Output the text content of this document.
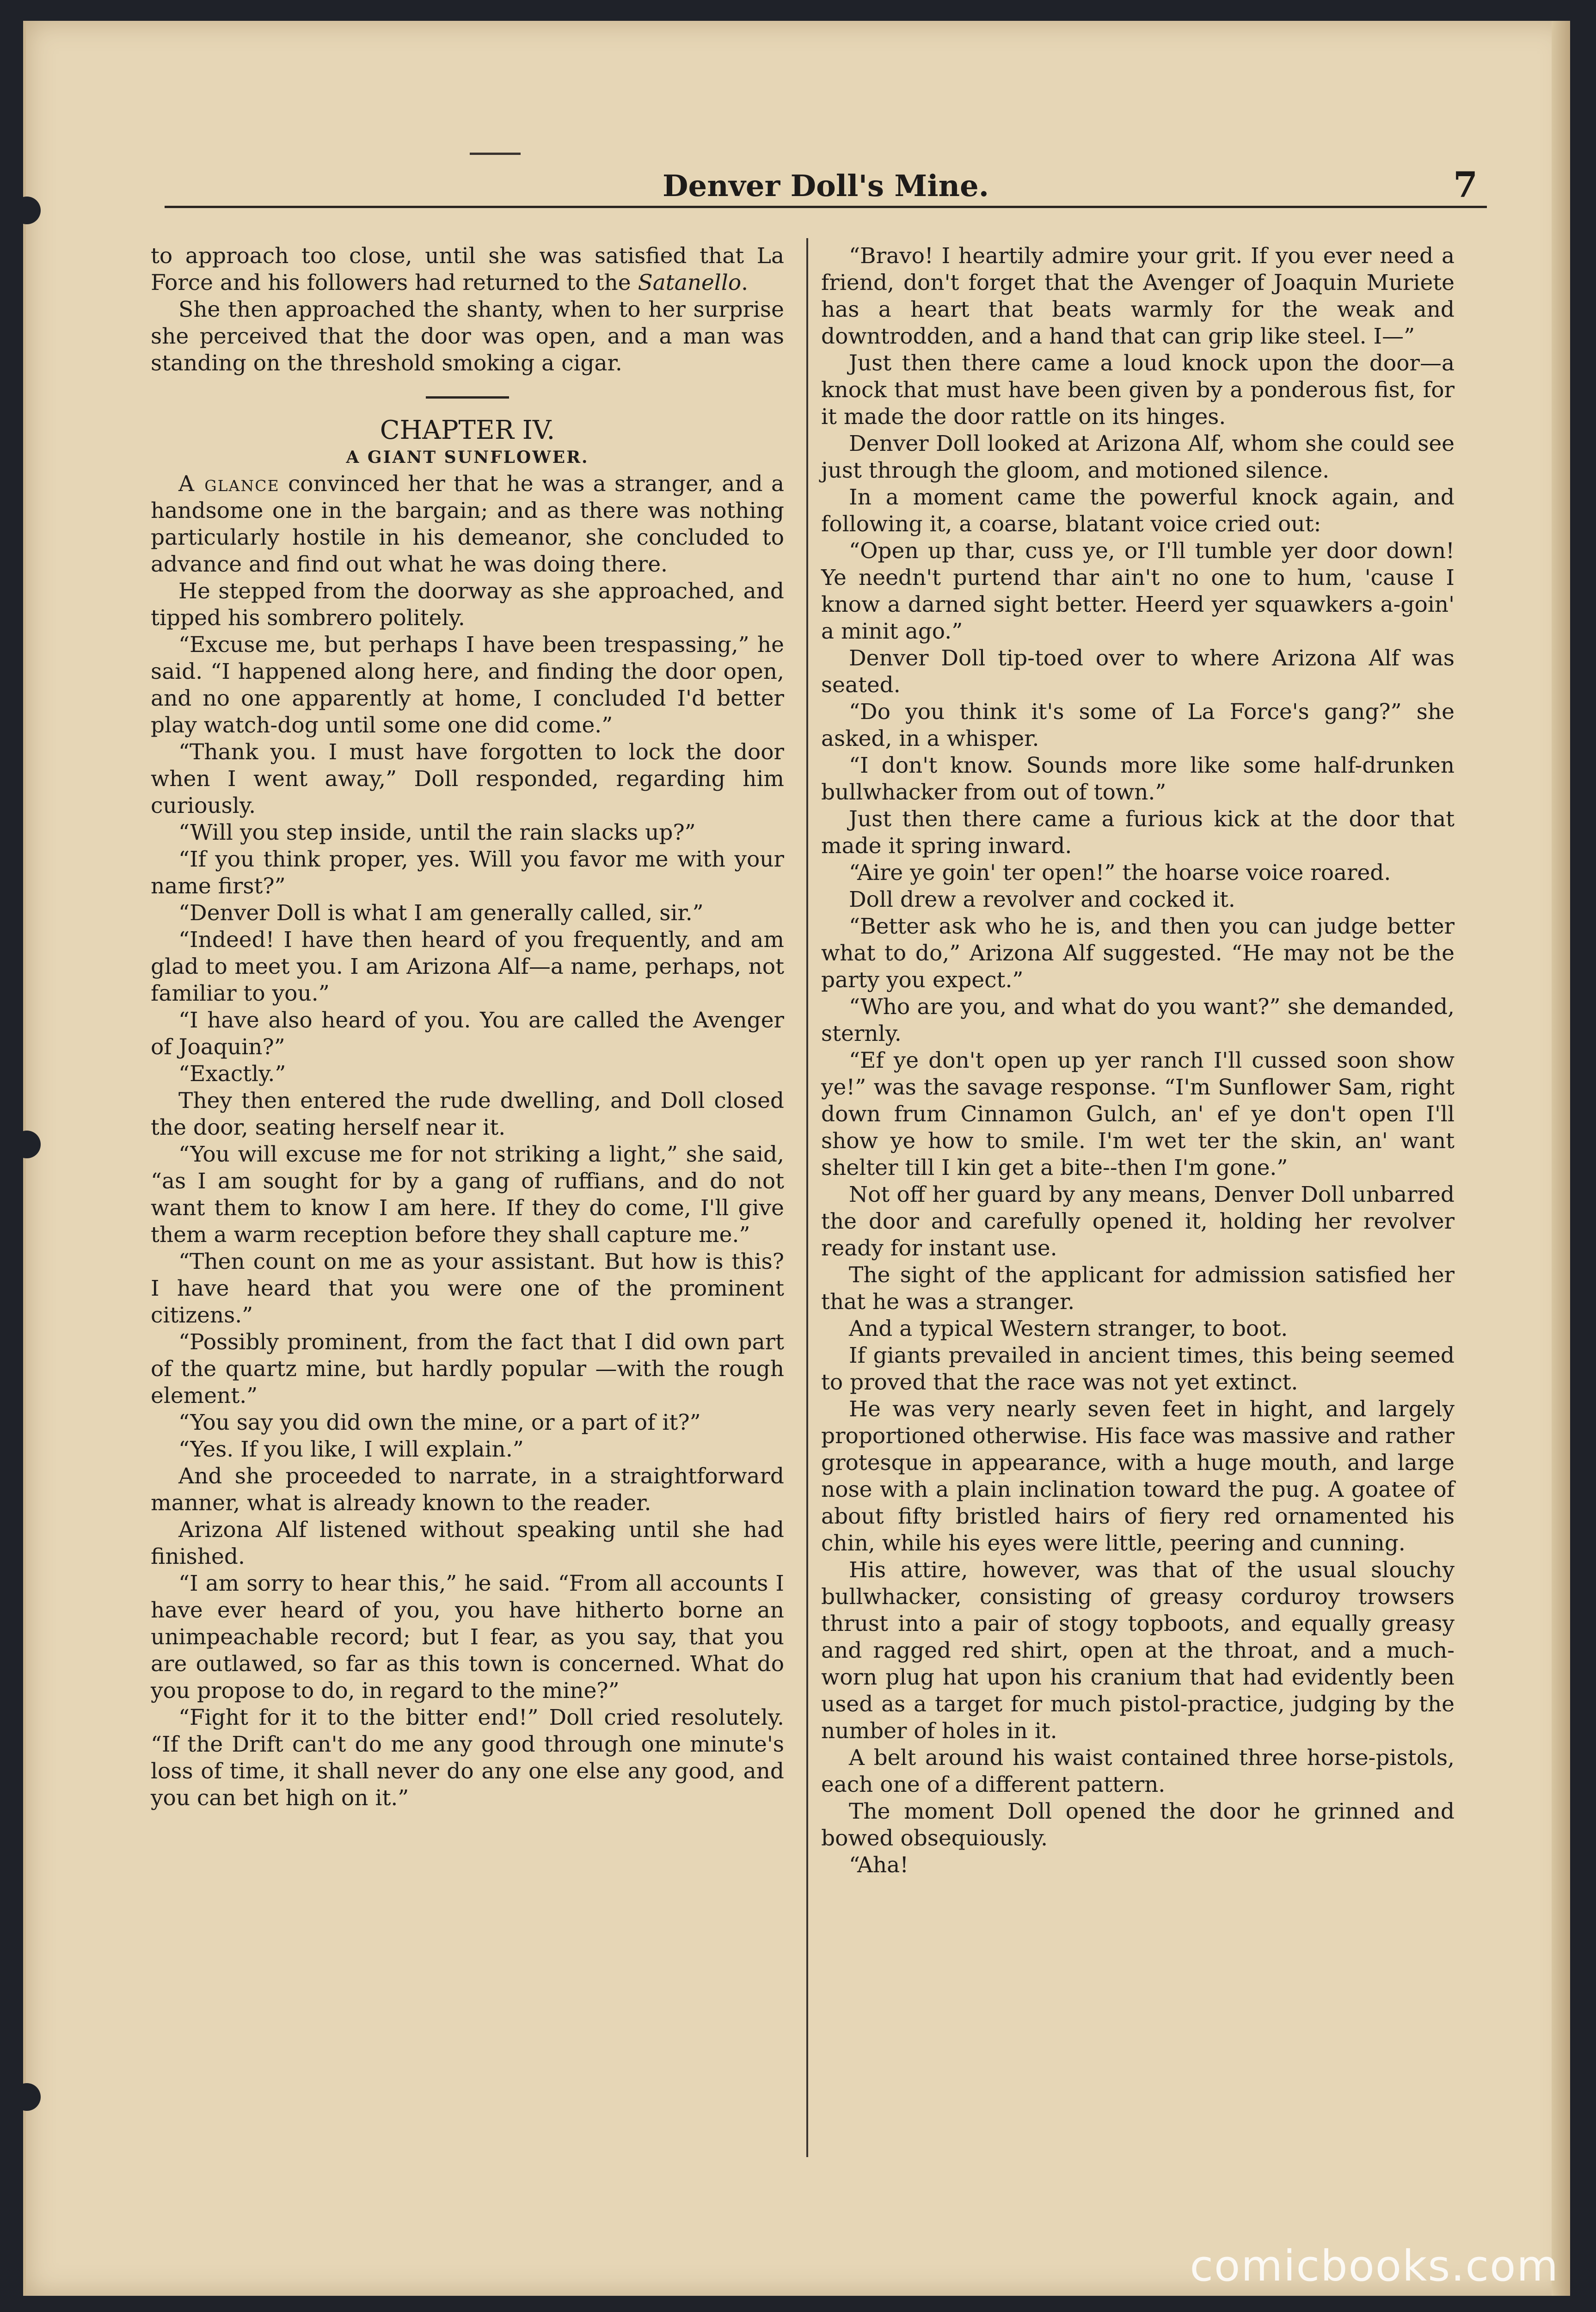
Denver Doll's Mine.	7

to approach too close, until she was satisfied that La Force and his followers had returned to the Satanello.

She then approached the shanty, when to her surprise she perceived that the door was open, and a man was standing on the threshold smoking a cigar.

CHAPTER IV.

A GIANT SUNFLOWER.

A glance convinced her that he was a stranger, and a handsome one in the bargain; and as there was nothing particularly hostile in his demeanor, she concluded to advance and find out what he was doing there.

He stepped from the doorway as she approached, and tipped his sombrero politely.

“Excuse me, but perhaps I have been trespassing,” he said. “I happened along here, and finding the door open, and no one apparently at home, I concluded I'd better play watch-dog until some one did come.”

“Thank you. I must have forgotten to lock the door when I went away,” Doll responded, regarding him curiously.

“Will you step inside, until the rain slacks up?”

“If you think proper, yes. Will you favor me with your name first?”

“Denver Doll is what I am generally called, sir.”

“Indeed! I have then heard of you frequently, and am glad to meet you. I am Arizona Alf—a name, perhaps, not familiar to you.”

“I have also heard of you. You are called the Avenger of Joaquin?”

“Exactly.”

They then entered the rude dwelling, and Doll closed the door, seating herself near it.

“You will excuse me for not striking a light,” she said, “as I am sought for by a gang of ruffians, and do not want them to know I am here. If they do come, I'll give them a warm reception before they shall capture me.”

“Then count on me as your assistant. But how is this? I have heard that you were one of the prominent citizens.”

“Possibly prominent, from the fact that I did own part of the quartz mine, but hardly popular —with the rough element.”

“You say you did own the mine, or a part of it?”

“Yes. If you like, I will explain.”

And she proceeded to narrate, in a straightforward manner, what is already known to the reader.

Arizona Alf listened without speaking until she had finished.

“I am sorry to hear this,” he said. “From all accounts I have ever heard of you, you have hitherto borne an unimpeachable record; but I fear, as you say, that you are outlawed, so far as this town is concerned. What do you propose to do, in regard to the mine?”

“Fight for it to the bitter end!” Doll cried resolutely. “If the Drift can't do me any good through one minute's loss of time, it shall never do any one else any good, and you can bet high on it.”

“Bravo! I heartily admire your grit. If you ever need a friend, don't forget that the Avenger of Joaquin Muriete has a heart that beats warmly for the weak and downtrodden, and a hand that can grip like steel. I—”

Just then there came a loud knock upon the door—a knock that must have been given by a ponderous fist, for it made the door rattle on its hinges.

Denver Doll looked at Arizona Alf, whom she could see just through the gloom, and motioned silence.

In a moment came the powerful knock again, and following it, a coarse, blatant voice cried out:

“Open up thar, cuss ye, or I'll tumble yer door down! Ye needn't purtend thar ain't no one to hum, 'cause I know a darned sight better. Heerd yer squawkers a-goin' a minit ago.”

Denver Doll tip-toed over to where Arizona Alf was seated.

“Do you think it's some of La Force's gang?” she asked, in a whisper.

“I don't know. Sounds more like some half-drunken bullwhacker from out of town.”

Just then there came a furious kick at the door that made it spring inward.

“Aire ye goin' ter open!” the hoarse voice roared.

Doll drew a revolver and cocked it.

“Better ask who he is, and then you can judge better what to do,” Arizona Alf suggested. “He may not be the party you expect.”

“Who are you, and what do you want?” she demanded, sternly.

“Ef ye don't open up yer ranch I'll cussed soon show ye!” was the savage response. “I'm Sunflower Sam, right down frum Cinnamon Gulch, an' ef ye don't open I'll show ye how to smile. I'm wet ter the skin, an' want shelter till I kin get a bite--then I'm gone.”

Not off her guard by any means, Denver Doll unbarred the door and carefully opened it, holding her revolver ready for instant use.

The sight of the applicant for admission satisfied her that he was a stranger.

And a typical Western stranger, to boot.

If giants prevailed in ancient times, this being seemed to proved that the race was not yet extinct.

He was very nearly seven feet in hight, and largely proportioned otherwise. His face was massive and rather grotesque in appearance, with a huge mouth, and large nose with a plain inclination toward the pug. A goatee of about fifty bristled hairs of fiery red ornamented his chin, while his eyes were little, peering and cunning.

His attire, however, was that of the usual slouchy bullwhacker, consisting of greasy corduroy trowsers thrust into a pair of stogy topboots, and equally greasy and ragged red shirt, open at the throat, and a much-worn plug hat upon his cranium that had evidently been used as a target for much pistol-practice, judging by the number of holes in it.

A belt around his waist contained three horse-pistols, each one of a different pattern.

The moment Doll opened the door he grinned and bowed obsequiously.

“Aha!

comicbooks.com
